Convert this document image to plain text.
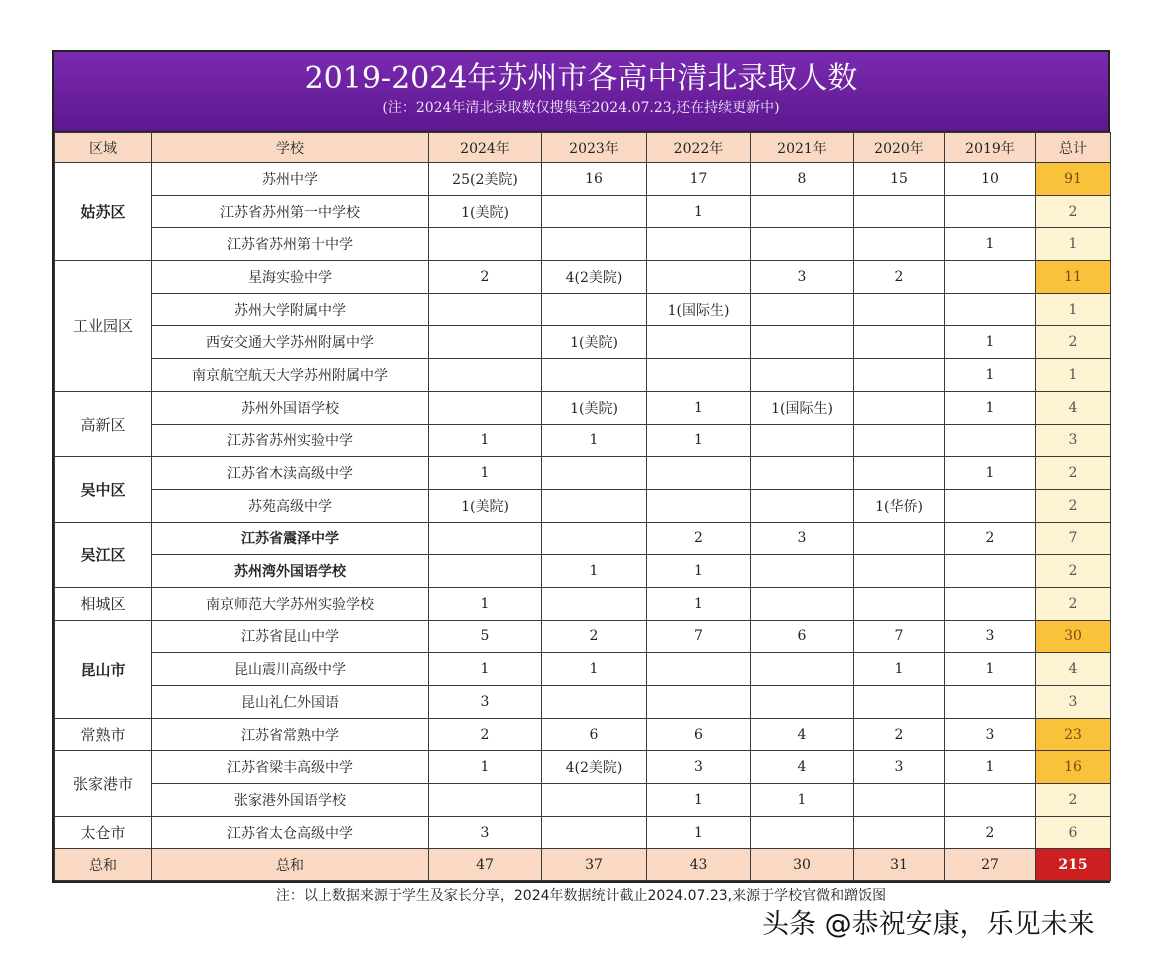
2019-2024年苏州市各高中清北录取人数
(注：2024年清北录取数仅搜集至2024.07.23,还在持续更新中)
区域	学校	2024年	2023年	2022年	2021年	2020年	2019年	总计
姑苏区	苏州中学	25(2美院)	16	17	8	15	10	91
	江苏省苏州第一中学校	1(美院)		1				2
	江苏省苏州第十中学						1	1
工业园区	星海实验中学	2	4(2美院)		3	2		11
	苏州大学附属中学			1(国际生)				1
	西安交通大学苏州附属中学		1(美院)				1	2
	南京航空航天大学苏州附属中学						1	1
高新区	苏州外国语学校		1(美院)	1	1(国际生)		1	4
	江苏省苏州实验中学	1	1	1				3
吴中区	江苏省木渎高级中学	1					1	2
	苏苑高级中学	1(美院)				1(华侨)		2
吴江区	江苏省震泽中学			2	3		2	7
	苏州湾外国语学校		1	1				2
相城区	南京师范大学苏州实验学校	1		1				2
昆山市	江苏省昆山中学	5	2	7	6	7	3	30
	昆山震川高级中学	1	1			1	1	4
	昆山礼仁外国语	3						3
常熟市	江苏省常熟中学	2	6	6	4	2	3	23
张家港市	江苏省梁丰高级中学	1	4(2美院)	3	4	3	1	16
	张家港外国语学校			1	1			2
太仓市	江苏省太仓高级中学	3		1			2	6
总和	总和	47	37	43	30	31	27	215
注：以上数据来源于学生及家长分享，2024年数据统计截止2024.07.23,来源于学校官微和蹭饭图
头条 @恭祝安康，乐见未来
